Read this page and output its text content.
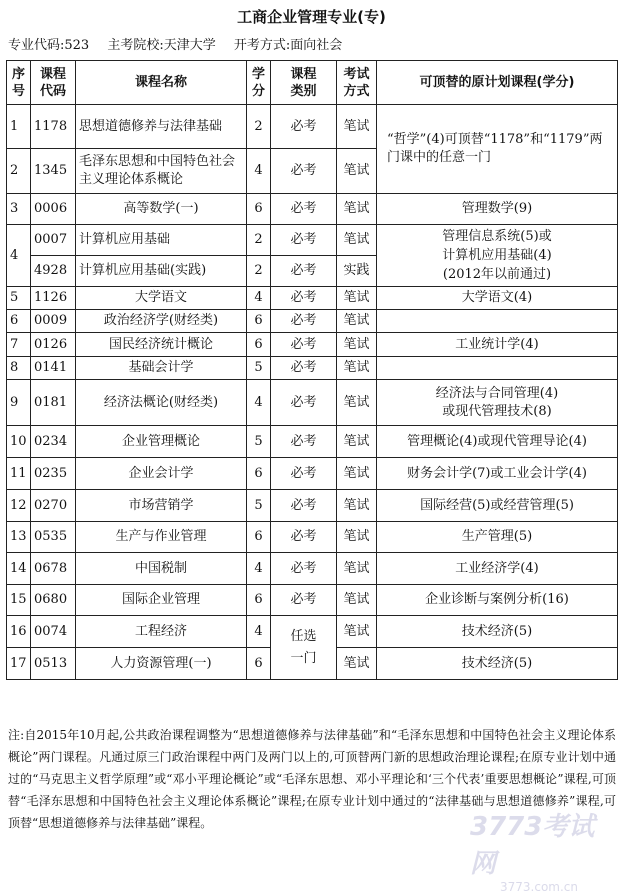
工商企业管理专业(专)
专业代码:523 主考院校:天津大学 开考方式:面向社会
序号	课程代码	课程名称	学分	课程类别	考试方式	可顶替的原计划课程(学分)
1	1178	思想道德修养与法律基础	2	必考	笔试	“哲学”(4)可顶替“1178”和“1179”两门课中的任意一门
2	1345	毛泽东思想和中国特色社会主义理论体系概论	4	必考	笔试	
3	0006	高等数学(一)	6	必考	笔试	管理数学(9)
4	0007	计算机应用基础	2	必考	笔试	管理信息系统(5)或
计算机应用基础(4)
(2012年以前通过)
	4928	计算机应用基础(实践)	2	必考	实践	
5	1126	大学语文	4	必考	笔试	大学语文(4)
6	0009	政治经济学(财经类)	6	必考	笔试	
7	0126	国民经济统计概论	6	必考	笔试	工业统计学(4)
8	0141	基础会计学	5	必考	笔试	
9	0181	经济法概论(财经类)	4	必考	笔试	经济法与合同管理(4)
或现代管理技术(8)
10	0234	企业管理概论	5	必考	笔试	管理概论(4)或现代管理导论(4)
11	0235	企业会计学	6	必考	笔试	财务会计学(7)或工业会计学(4)
12	0270	市场营销学	5	必考	笔试	国际经营(5)或经营管理(5)
13	0535	生产与作业管理	6	必考	笔试	生产管理(5)
14	0678	中国税制	4	必考	笔试	工业经济学(4)
15	0680	国际企业管理	6	必考	笔试	企业诊断与案例分析(16)
16	0074	工程经济	4	任选
一门	笔试	技术经济(5)
17	0513	人力资源管理(一)	6		笔试	技术经济(5)
注:自2015年10月起,公共政治课程调整为“思想道德修养与法律基础”和“毛泽东思想和中国特色社会主义理论体系概论”两门课程。凡通过原三门政治课程中两门及两门以上的,可顶替两门新的思想政治理论课程;在原专业计划中通过的“马克思主义哲学原理”或“邓小平理论概论”或“毛泽东思想、邓小平理论和‘三个代表’重要思想概论”课程,可顶替“毛泽东思想和中国特色社会主义理论体系概论”课程;在原专业计划中通过的“法律基础与思想道德修养”课程,可顶替“思想道德修养与法律基础”课程。	3773考试网
3773.com.cn
